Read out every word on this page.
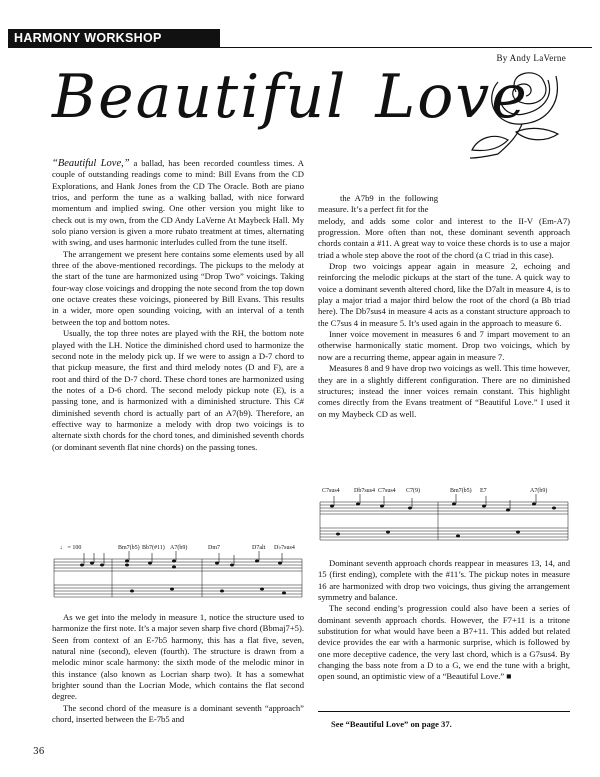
HARMONY WORKSHOP
By Andy LaVerne
Beautiful Love

“Beautiful Love,” a ballad, has been recorded countless times. A couple of outstanding readings come to mind: Bill Evans from the CD Explorations, and Hank Jones from the CD The Oracle. Both are piano trios, and perform the tune as a walking ballad, with nice forward momentum and implied swing. One other version you might like to check out is my own, from the CD Andy LaVerne At Maybeck Hall. My solo piano version is given a more rubato treatment at times, alternating with swing, and uses harmonic interludes culled from the tune itself.

The arrangement we present here contains some elements used by all three of the above-mentioned recordings. The pickups to the melody at the start of the tune are harmonized using “Drop Two” voicings. Taking four-way close voicings and dropping the note second from the top down one octave creates these voicings, pioneered by Bill Evans. This results in a wider, more open sounding voicing, with an interval of a tenth between the top and bottom notes.

Usually, the top three notes are played with the RH, the bottom note played with the LH. Notice the diminished chord used to harmonize the second note in the melody pick up. If we were to assign a D-7 chord to that pickup measure, the first and third melody notes (D and F), are a root and third of the D-7 chord. These chord tones are harmonized using the notes of a D-6 chord. The second melody pickup note (E), is a passing tone, and is harmonized with a diminished structure. This C# diminished seventh chord is actually part of an A7(b9). Therefore, an effective way to harmonize a melody with drop two voicings is to alternate sixth chords for the chord tones, and diminished seventh chords (or dominant seventh flat nine chords) on the passing tones.

♩ = 100	Bm7(b5) Bb7(#11) A7(b9)	Dm7	D7alt D♭7sus4

As we get into the melody in measure 1, notice the structure used to harmonize the first note. It’s a major seven sharp five chord (Bbmaj7+5). Seen from context of an E-7b5 harmony, this has a flat five, seven, natural nine (second), eleven (fourth). The structure is drawn from a melodic minor scale harmony: the sixth mode of the melodic minor in this instance (also known as Locrian sharp two). It has a somewhat brighter sound than the Locrian Mode, which contains the flat second degree.

The second chord of the measure is a dominant seventh “approach” chord, inserted between the E-7b5 and

the A7b9 in the following measure. It’s a perfect fit for the

melody, and adds some color and interest to the II-V (Em-A7) progression. More often than not, these dominant seventh approach chords contain a #11. A great way to voice these chords is to use a major triad a whole step above the root of the chord (a C triad in this case).

Drop two voicings appear again in measure 2, echoing and reinforcing the melodic pickups at the start of the tune. A quick way to voice a dominant seventh altered chord, like the D7alt in measure 4, is to play a major triad a major third below the root of the chord (a Bb triad here). The Db7sus4 in measure 4 acts as a constant structure approach to the C7sus 4 in measure 5. It’s used again in the approach to measure 6.

Inner voice movement in measures 6 and 7 impart movement to an otherwise harmonically static moment. Drop two voicings, which by now are a recurring theme, appear again in measure 7.

Measures 8 and 9 have drop two voicings as well. This time however, they are in a slightly different configuration. There are no diminished structures; instead the inner voices remain constant. This highlight comes directly from the Evans treatment of “Beautiful Love.” I used it on my Maybeck CD as well.

C7sus4 Db7sus4 C7sus4 C7(9)	Bm7(b5) E7	A7(b9)

Dominant seventh approach chords reappear in measures 13, 14, and 15 (first ending), complete with the #11’s. The pickup notes in measure 16 are harmonized with drop two voicings, thus giving the arrangement symmetry and balance.

The second ending’s progression could also have been a series of dominant seventh approach chords. However, the F7+11 is a tritone substitution for what would have been a B7+11. This added but related device provides the ear with a harmonic surprise, which is followed by one more deceptive cadence, the very last chord, which is a G7sus4. By changing the bass note from a D to a G, we end the tune with a bright, open sound, an optimistic view of a “Beautiful Love.” ■

See “Beautiful Love” on page 37.
36
